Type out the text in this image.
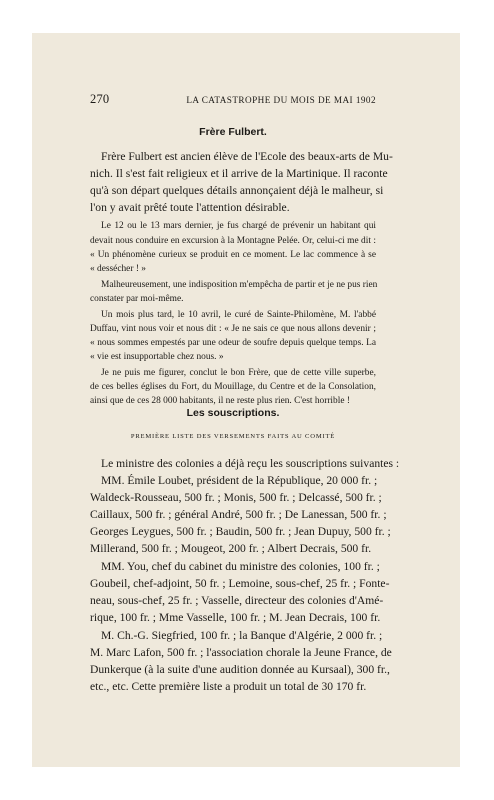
270	LA CATASTROPHE DU MOIS DE MAI 1902
Frère Fulbert.
Frère Fulbert est ancien élève de l'Ecole des beaux-arts de Mu-
nich. Il s'est fait religieux et il arrive de la Martinique. Il raconte
qu'à son départ quelques détails annonçaient déjà le malheur, si
l'on y avait prêté toute l'attention désirable.
Le 12 ou le 13 mars dernier, je fus chargé de prévenir un habitant qui
devait nous conduire en excursion à la Montagne Pelée. Or, celui-ci me dit :
« Un phénomène curieux se produit en ce moment. Le lac commence à se
« dessécher ! »
Malheureusement, une indisposition m'empêcha de partir et je ne pus rien
constater par moi-même.
Un mois plus tard, le 10 avril, le curé de Sainte-Philomène, M. l'abbé
Duffau, vint nous voir et nous dit : « Je ne sais ce que nous allons devenir ;
« nous sommes empestés par une odeur de soufre depuis quelque temps. La
« vie est insupportable chez nous. »
Je ne puis me figurer, conclut le bon Frère, que de cette ville superbe,
de ces belles églises du Fort, du Mouillage, du Centre et de la Consolation,
ainsi que de ces 28 000 habitants, il ne reste plus rien. C'est horrible !
Les souscriptions.
PREMIÈRE LISTE DES VERSEMENTS FAITS AU COMITÉ
Le ministre des colonies a déjà reçu les souscriptions suivantes :
MM. Émile Loubet, président de la République, 20 000 fr. ;
Waldeck-Rousseau, 500 fr. ; Monis, 500 fr. ; Delcassé, 500 fr. ;
Caillaux, 500 fr. ; général André, 500 fr. ; De Lanessan, 500 fr. ;
Georges Leygues, 500 fr. ; Baudin, 500 fr. ; Jean Dupuy, 500 fr. ;
Millerand, 500 fr. ; Mougeot, 200 fr. ; Albert Decrais, 500 fr.
MM. You, chef du cabinet du ministre des colonies, 100 fr. ;
Goubeil, chef-adjoint, 50 fr. ; Lemoine, sous-chef, 25 fr. ; Fonte-
neau, sous-chef, 25 fr. ; Vasselle, directeur des colonies d'Amé-
rique, 100 fr. ; Mme Vasselle, 100 fr. ; M. Jean Decrais, 100 fr.
M. Ch.-G. Siegfried, 100 fr. ; la Banque d'Algérie, 2 000 fr. ;
M. Marc Lafon, 500 fr. ; l'association chorale la Jeune France, de
Dunkerque (à la suite d'une audition donnée au Kursaal), 300 fr.,
etc., etc. Cette première liste a produit un total de 30 170 fr.
